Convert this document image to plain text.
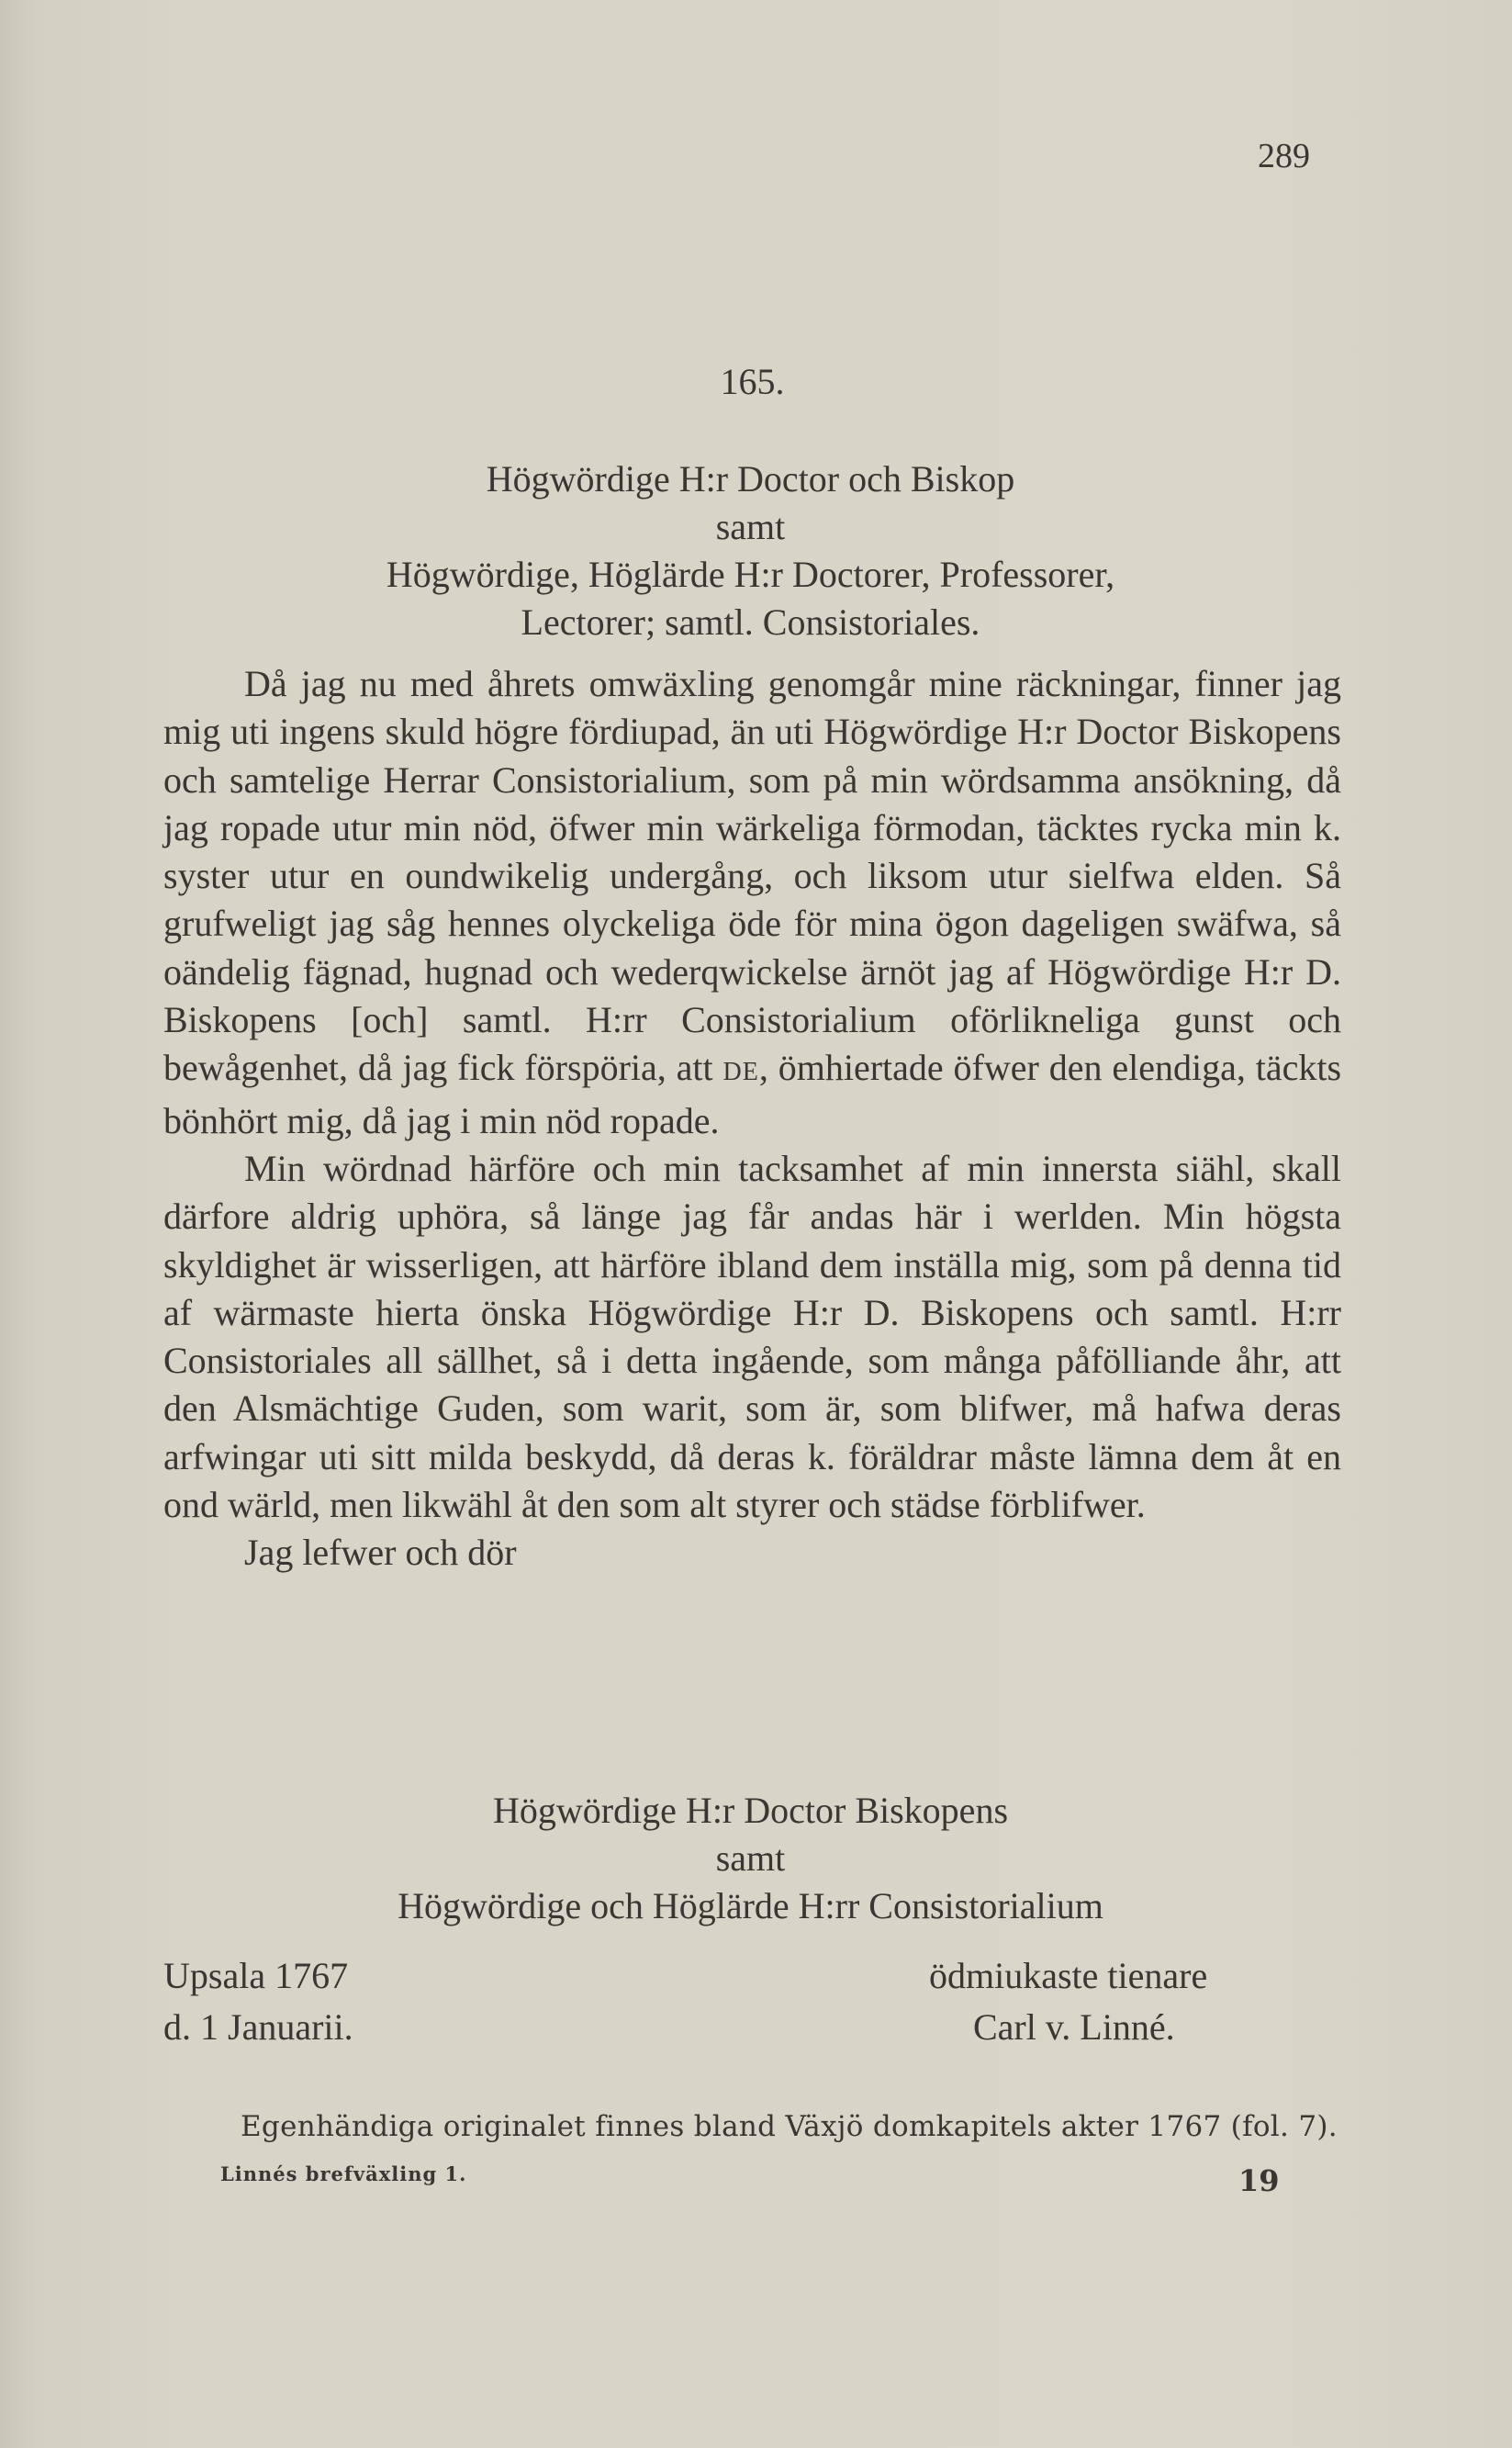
289
165.
Högwördige H:r Doctor och Biskop
samt
Högwördige, Höglärde H:r Doctorer, Professorer,
Lectorer; samtl. Consistoriales.

Då jag nu med åhrets omwäxling genomgår mine räckningar, finner jag mig uti ingens skuld högre fördiupad, än uti Högwördige H:r Doctor Biskopens och samtelige Herrar Consistorialium, som på min wördsamma ansökning, då jag ropade utur min nöd, öfwer min wärkeliga förmodan, täcktes rycka min k. syster utur en oundwikelig undergång, och liksom utur sielfwa elden. Så grufweligt jag såg hennes olyckeliga öde för mina ögon dageligen swäfwa, så oändelig fägnad, hugnad och wederqwickelse ärnöt jag af Högwördige H:r D. Biskopens [och] samtl. H:rr Consistorialium oförlikneliga gunst och bewågenhet, då jag fick förspöria, att DE, ömhiertade öfwer den elendiga, täckts bönhört mig, då jag i min nöd ropade.

Min wördnad härföre och min tacksamhet af min innersta siähl, skall därfore aldrig uphöra, så länge jag får andas här i werlden. Min högsta skyldighet är wisserligen, att härföre ibland dem inställa mig, som på denna tid af wärmaste hierta önska Högwördige H:r D. Biskopens och samtl. H:rr Consistoriales all sällhet, så i detta ingående, som många påfölliande åhr, att den Alsmächtige Guden, som warit, som är, som blifwer, må hafwa deras arfwingar uti sitt milda beskydd, då deras k. föräldrar måste lämna dem åt en ond wärld, men likwähl åt den som alt styrer och städse förblifwer.

Jag lefwer och dör

Högwördige H:r Doctor Biskopens
samt
Högwördige och Höglärde H:rr Consistorialium
Upsala 1767
d. 1 Januarii.
ödmiukaste tienare
Carl v. Linné.
Egenhändiga originalet finnes bland Växjö domkapitels akter 1767 (fol. 7).
Linnés brefväxling 1.	19
